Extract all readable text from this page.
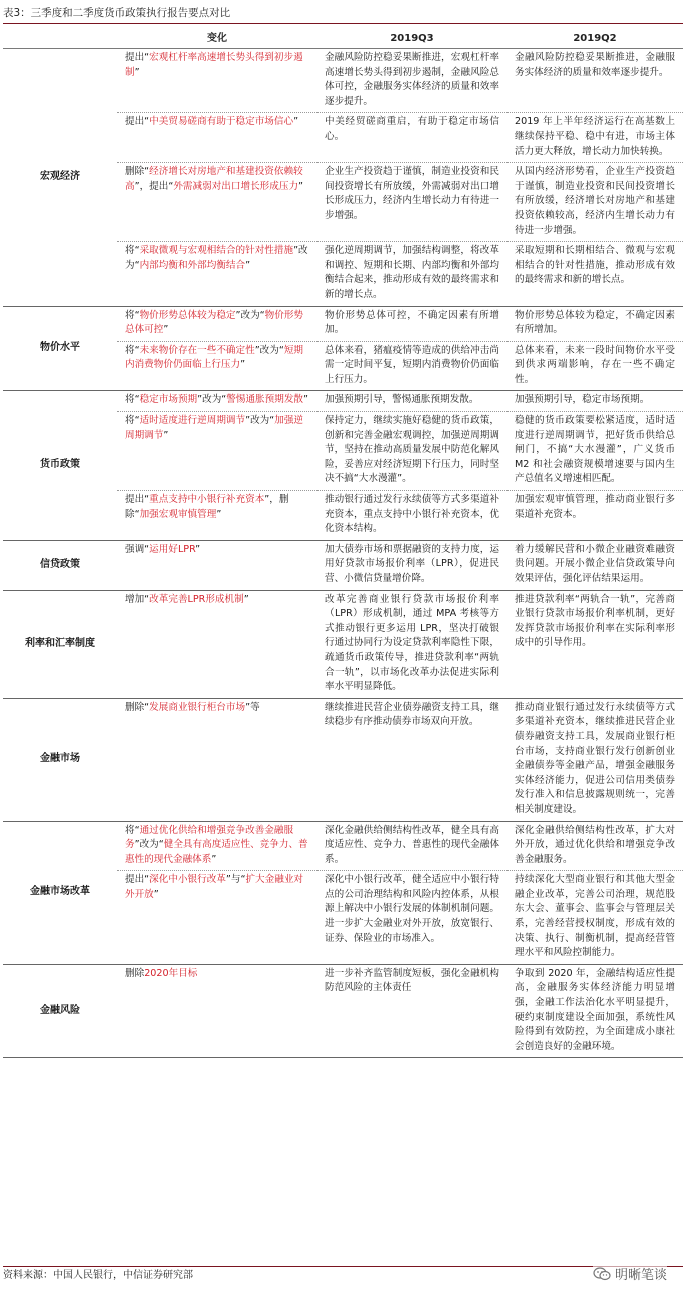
表3：三季度和二季度货币政策执行报告要点对比
	变化	2019Q3	2019Q2
宏观经济	提出“宏观杠杆率高速增长势头得到初步遏制”	金融风险防控稳妥果断推进，宏观杠杆率高速增长势头得到初步遏制，金融风险总体可控，金融服务实体经济的质量和效率逐步提升。	金融风险防控稳妥果断推进，金融服务实体经济的质量和效率逐步提升。
	提出“中美贸易磋商有助于稳定市场信心”	中美经贸磋商重启，有助于稳定市场信心。	2019 年上半年经济运行在高基数上继续保持平稳、稳中有进，市场主体活力更大释放，增长动力加快转换。
	删除“经济增长对房地产和基建投资依赖较高”，提出“外需减弱对出口增长形成压力”	企业生产投资趋于谨慎，制造业投资和民间投资增长有所放缓，外需减弱对出口增长形成压力，经济内生增长动力有待进一步增强。	从国内经济形势看，企业生产投资趋于谨慎，制造业投资和民间投资增长有所放缓，经济增长对房地产和基建投资依赖较高，经济内生增长动力有待进一步增强。
	将“采取微观与宏观相结合的针对性措施”改为“内部均衡和外部均衡结合”	强化逆周期调节，加强结构调整，将改革和调控、短期和长期、内部均衡和外部均衡结合起来，推动形成有效的最终需求和新的增长点。	采取短期和长期相结合、微观与宏观相结合的针对性措施，推动形成有效的最终需求和新的增长点。
物价水平	将“物价形势总体较为稳定”改为“物价形势总体可控”	物价形势总体可控，不确定因素有所增加。	物价形势总体较为稳定，不确定因素有所增加。
	将“未来物价存在一些不确定性”改为“短期内消费物价仍面临上行压力”	总体来看，猪瘟疫情等造成的供给冲击尚需一定时间平复，短期内消费物价仍面临上行压力。	总体来看，未来一段时间物价水平受到供求两端影响，存在一些不确定性。
货币政策	将“稳定市场预期”改为“警惕通胀预期发散”	加强预期引导，警惕通胀预期发散。	加强预期引导，稳定市场预期。
	将“适时适度进行逆周期调节”改为“加强逆周期调节”	保持定力，继续实施好稳健的货币政策，创新和完善金融宏观调控，加强逆周期调节，坚持在推动高质量发展中防范化解风险，妥善应对经济短期下行压力，同时坚决不搞“大水漫灌”。	稳健的货币政策要松紧适度，适时适度进行逆周期调节，把好货币供给总闸门，不搞“大水漫灌”，广义货币 M2 和社会融资规模增速要与国内生产总值名义增速相匹配。
	提出“重点支持中小银行补充资本”，删除“加强宏观审慎管理”	推动银行通过发行永续债等方式多渠道补充资本，重点支持中小银行补充资本，优化资本结构。	加强宏观审慎管理，推动商业银行多渠道补充资本。
信贷政策	强调“运用好LPR”	加大债券市场和票据融资的支持力度，运用好贷款市场报价利率（LPR），促进民营、小微信贷量增价降。	着力缓解民营和小微企业融资难融资贵问题。开展小微企业信贷政策导向效果评估，强化评估结果运用。
利率和汇率制度	增加“改革完善LPR形成机制”	改革完善商业银行贷款市场报价利率（LPR）形成机制，通过 MPA 考核等方式推动银行更多运用 LPR，坚决打破银行通过协同行为设定贷款利率隐性下限，疏通货币政策传导，推进贷款利率“两轨合一轨”，以市场化改革办法促进实际利率水平明显降低。	推进贷款利率“两轨合一轨”，完善商业银行贷款市场报价利率机制，更好发挥贷款市场报价利率在实际利率形成中的引导作用。
金融市场	删除“发展商业银行柜台市场”等	继续推进民营企业债券融资支持工具，继续稳步有序推动债券市场双向开放。	推动商业银行通过发行永续债等方式多渠道补充资本，继续推进民营企业债券融资支持工具，发展商业银行柜台市场，支持商业银行发行创新创业金融债券等金融产品，增强金融服务实体经济能力，促进公司信用类债券发行准入和信息披露规则统一，完善相关制度建设。
金融市场改革	将“通过优化供给和增强竞争改善金融服务”改为“健全具有高度适应性、竞争力、普惠性的现代金融体系”	深化金融供给侧结构性改革，健全具有高度适应性、竞争力、普惠性的现代金融体系。	深化金融供给侧结构性改革，扩大对外开放，通过优化供给和增强竞争改善金融服务。
	提出“深化中小银行改革”与“扩大金融业对外开放”	深化中小银行改革，健全适应中小银行特点的公司治理结构和风险内控体系，从根源上解决中小银行发展的体制机制问题。进一步扩大金融业对外开放，放宽银行、证券、保险业的市场准入。	持续深化大型商业银行和其他大型金融企业改革，完善公司治理，规范股东大会、董事会、监事会与管理层关系，完善经营授权制度，形成有效的决策、执行、制衡机制，提高经营管理水平和风险控制能力。
金融风险	删除2020年目标	进一步补齐监管制度短板，强化金融机构防范风险的主体责任	争取到 2020 年，金融结构适应性提高，金融服务实体经济能力明显增强，金融工作法治化水平明显提升，硬约束制度建设全面加强，系统性风险得到有效防控，为全面建成小康社会创造良好的金融环境。
资料来源：中国人民银行，中信证券研究部	明晰笔谈
